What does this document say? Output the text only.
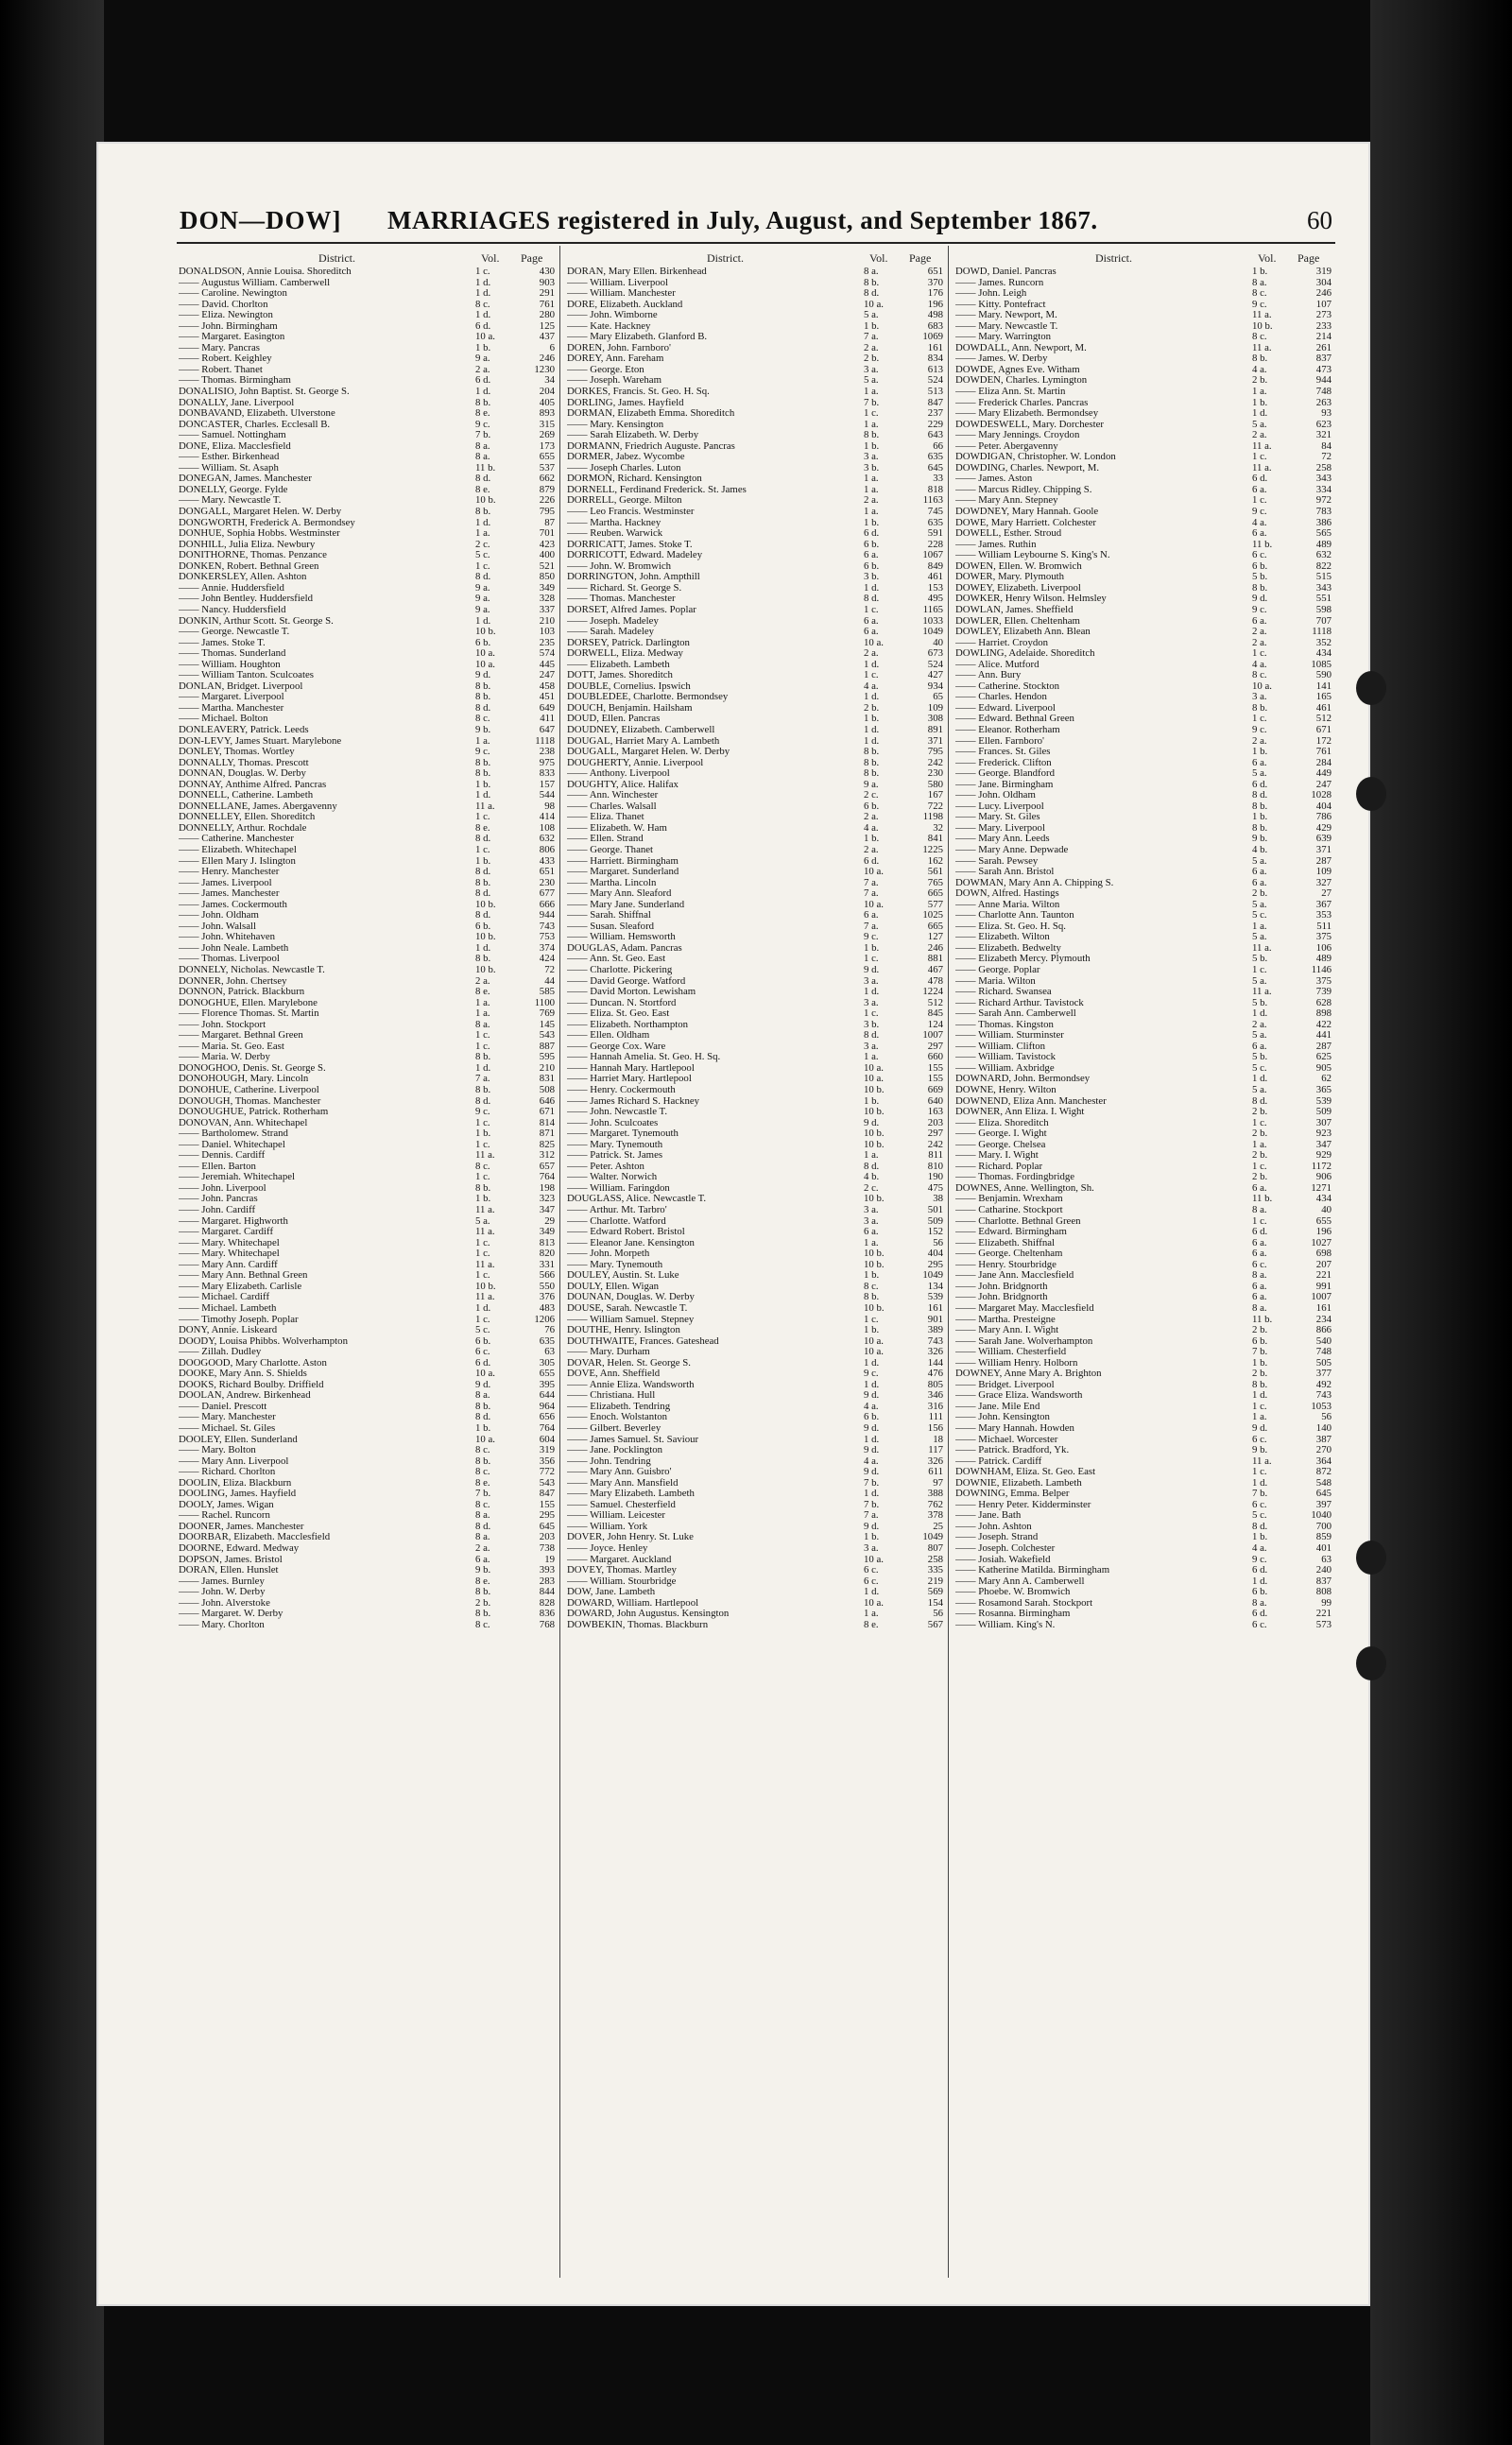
DON—DOW] MARRIAGES registered in July, August, and September 1867.	60
District.	Vol. Page
DONALDSON, Annie Louisa. Shoreditch	1 c.	430
—— Augustus William. Camberwell	1 d.	903
—— Caroline. Newington	1 d.	291
—— David. Chorlton	8 c.	761
—— Eliza. Newington	1 d.	280
—— John. Birmingham	6 d.	125
—— Margaret. Easington	10 a.	437
—— Mary. Pancras	1 b.	6
—— Robert. Keighley	9 a.	246
—— Robert. Thanet	2 a.	1230
—— Thomas. Birmingham	6 d.	34
DONALISIO, John Baptist. St. George S.	1 d.	204
DONALLY, Jane. Liverpool	8 b.	405
DONBAVAND, Elizabeth. Ulverstone	8 e.	893
DONCASTER, Charles. Ecclesall B.	9 c.	315
—— Samuel. Nottingham	7 b.	269
DONE, Eliza. Macclesfield	8 a.	173
—— Esther. Birkenhead	8 a.	655
—— William. St. Asaph	11 b.	537
DONEGAN, James. Manchester	8 d.	662
DONELLY, George. Fylde	8 e.	879
—— Mary. Newcastle T.	10 b.	226
DONGALL, Margaret Helen. W. Derby	8 b.	795
DONGWORTH, Frederick A. Bermondsey	1 d.	87
DONHUE, Sophia Hobbs. Westminster	1 a.	701
DONHILL, Julia Eliza. Newbury	2 c.	423
DONITHORNE, Thomas. Penzance	5 c.	400
DONKEN, Robert. Bethnal Green	1 c.	521
DONKERSLEY, Allen. Ashton	8 d.	850
—— Annie. Huddersfield	9 a.	349
—— John Bentley. Huddersfield	9 a.	328
—— Nancy. Huddersfield	9 a.	337
DONKIN, Arthur Scott. St. George S.	1 d.	210
—— George. Newcastle T.	10 b.	103
—— James. Stoke T.	6 b.	235
—— Thomas. Sunderland	10 a.	574
—— William. Houghton	10 a.	445
—— William Tanton. Sculcoates	9 d.	247
DONLAN, Bridget. Liverpool	8 b.	458
—— Margaret. Liverpool	8 b.	451
—— Martha. Manchester	8 d.	649
—— Michael. Bolton	8 c.	411
DONLEAVERY, Patrick. Leeds	9 b.	647
DON-LEVY, James Stuart. Marylebone	1 a.	1118
DONLEY, Thomas. Wortley	9 c.	238
DONNALLY, Thomas. Prescott	8 b.	975
DONNAN, Douglas. W. Derby	8 b.	833
DONNAY, Anthime Alfred. Pancras	1 b.	157
DONNELL, Catherine. Lambeth	1 d.	544
DONNELLANE, James. Abergavenny	11 a.	98
DONNELLEY, Ellen. Shoreditch	1 c.	414
DONNELLY, Arthur. Rochdale	8 e.	108
—— Catherine. Manchester	8 d.	632
—— Elizabeth. Whitechapel	1 c.	806
—— Ellen Mary J. Islington	1 b.	433
—— Henry. Manchester	8 d.	651
—— James. Liverpool	8 b.	230
—— James. Manchester	8 d.	677
—— James. Cockermouth	10 b.	666
—— John. Oldham	8 d.	944
—— John. Walsall	6 b.	743
—— John. Whitehaven	10 b.	753
—— John Neale. Lambeth	1 d.	374
—— Thomas. Liverpool	8 b.	424
DONNELY, Nicholas. Newcastle T.	10 b.	72
DONNER, John. Chertsey	2 a.	44
DONNON, Patrick. Blackburn	8 e.	585
DONOGHUE, Ellen. Marylebone	1 a.	1100
—— Florence Thomas. St. Martin	1 a.	769
—— John. Stockport	8 a.	145
—— Margaret. Bethnal Green	1 c.	543
—— Maria. St. Geo. East	1 c.	887
—— Maria. W. Derby	8 b.	595
DONOGHOO, Denis. St. George S.	1 d.	210
DONOHOUGH, Mary. Lincoln	7 a.	831
DONOHUE, Catherine. Liverpool	8 b.	508
DONOUGH, Thomas. Manchester	8 d.	646
DONOUGHUE, Patrick. Rotherham	9 c.	671
DONOVAN, Ann. Whitechapel	1 c.	814
—— Bartholomew. Strand	1 b.	871
—— Daniel. Whitechapel	1 c.	825
—— Dennis. Cardiff	11 a.	312
—— Ellen. Barton	8 c.	657
—— Jeremiah. Whitechapel	1 c.	764
—— John. Liverpool	8 b.	198
—— John. Pancras	1 b.	323
—— John. Cardiff	11 a.	347
—— Margaret. Highworth	5 a.	29
—— Margaret. Cardiff	11 a.	349
—— Mary. Whitechapel	1 c.	813
—— Mary. Whitechapel	1 c.	820
—— Mary Ann. Cardiff	11 a.	331
—— Mary Ann. Bethnal Green	1 c.	566
—— Mary Elizabeth. Carlisle	10 b.	550
—— Michael. Cardiff	11 a.	376
—— Michael. Lambeth	1 d.	483
—— Timothy Joseph. Poplar	1 c.	1206
DONY, Annie. Liskeard	5 c.	76
DOODY, Louisa Phibbs. Wolverhampton	6 b.	635
—— Zillah. Dudley	6 c.	63
DOOGOOD, Mary Charlotte. Aston	6 d.	305
DOOKE, Mary Ann. S. Shields	10 a.	655
DOOKS, Richard Boulby. Driffield	9 d.	395
DOOLAN, Andrew. Birkenhead	8 a.	644
—— Daniel. Prescott	8 b.	964
—— Mary. Manchester	8 d.	656
—— Michael. St. Giles	1 b.	764
DOOLEY, Ellen. Sunderland	10 a.	604
—— Mary. Bolton	8 c.	319
—— Mary Ann. Liverpool	8 b.	356
—— Richard. Chorlton	8 c.	772
DOOLIN, Eliza. Blackburn	8 e.	543
DOOLING, James. Hayfield	7 b.	847
DOOLY, James. Wigan	8 c.	155
—— Rachel. Runcorn	8 a.	295
DOONER, James. Manchester	8 d.	645
DOORBAR, Elizabeth. Macclesfield	8 a.	203
DOORNE, Edward. Medway	2 a.	738
DOPSON, James. Bristol	6 a.	19
DORAN, Ellen. Hunslet	9 b.	393
—— James. Burnley	8 e.	283
—— John. W. Derby	8 b.	844
—— John. Alverstoke	2 b.	828
—— Margaret. W. Derby	8 b.	836
—— Mary. Chorlton	8 c.	768
District.	Vol. Page
DORAN, Mary Ellen. Birkenhead	8 a.	651
—— William. Liverpool	8 b.	370
—— William. Manchester	8 d.	176
DORE, Elizabeth. Auckland	10 a.	196
—— John. Wimborne	5 a.	498
—— Kate. Hackney	1 b.	683
—— Mary Elizabeth. Glanford B.	7 a.	1069
DOREN, John. Farnboro'	2 a.	161
DOREY, Ann. Fareham	2 b.	834
—— George. Eton	3 a.	613
—— Joseph. Wareham	5 a.	524
DORKES, Francis. St. Geo. H. Sq.	1 a.	513
DORLING, James. Hayfield	7 b.	847
DORMAN, Elizabeth Emma. Shoreditch	1 c.	237
—— Mary. Kensington	1 a.	229
—— Sarah Elizabeth. W. Derby	8 b.	643
DORMANN, Friedrich Auguste. Pancras	1 b.	66
DORMER, Jabez. Wycombe	3 a.	635
—— Joseph Charles. Luton	3 b.	645
DORMON, Richard. Kensington	1 a.	33
DORNELL, Ferdinand Frederick. St. James	1 a.	818
DORRELL, George. Milton	2 a.	1163
—— Leo Francis. Westminster	1 a.	745
—— Martha. Hackney	1 b.	635
—— Reuben. Warwick	6 d.	591
DORRICATT, James. Stoke T.	6 b.	228
DORRICOTT, Edward. Madeley	6 a.	1067
—— John. W. Bromwich	6 b.	849
DORRINGTON, John. Ampthill	3 b.	461
—— Richard. St. George S.	1 d.	153
—— Thomas. Manchester	8 d.	495
DORSET, Alfred James. Poplar	1 c.	1165
—— Joseph. Madeley	6 a.	1033
—— Sarah. Madeley	6 a.	1049
DORSEY, Patrick. Darlington	10 a.	40
DORWELL, Eliza. Medway	2 a.	673
—— Elizabeth. Lambeth	1 d.	524
DOTT, James. Shoreditch	1 c.	427
DOUBLE, Cornelius. Ipswich	4 a.	934
DOUBLEDEE, Charlotte. Bermondsey	1 d.	65
DOUCH, Benjamin. Hailsham	2 b.	109
DOUD, Ellen. Pancras	1 b.	308
DOUDNEY, Elizabeth. Camberwell	1 d.	891
DOUGAL, Harriet Mary A. Lambeth	1 d.	371
DOUGALL, Margaret Helen. W. Derby	8 b.	795
DOUGHERTY, Annie. Liverpool	8 b.	242
—— Anthony. Liverpool	8 b.	230
DOUGHTY, Alice. Halifax	9 a.	580
—— Ann. Winchester	2 c.	167
—— Charles. Walsall	6 b.	722
—— Eliza. Thanet	2 a.	1198
—— Elizabeth. W. Ham	4 a.	32
—— Ellen. Strand	1 b.	841
—— George. Thanet	2 a.	1225
—— Harriett. Birmingham	6 d.	162
—— Margaret. Sunderland	10 a.	561
—— Martha. Lincoln	7 a.	765
—— Mary Ann. Sleaford	7 a.	665
—— Mary Jane. Sunderland	10 a.	577
—— Sarah. Shiffnal	6 a.	1025
—— Susan. Sleaford	7 a.	665
—— William. Hemsworth	9 c.	127
DOUGLAS, Adam. Pancras	1 b.	246
—— Ann. St. Geo. East	1 c.	881
—— Charlotte. Pickering	9 d.	467
—— David George. Watford	3 a.	478
—— David Morton. Lewisham	1 d.	1224
—— Duncan. N. Stortford	3 a.	512
—— Eliza. St. Geo. East	1 c.	845
—— Elizabeth. Northampton	3 b.	124
—— Ellen. Oldham	8 d.	1007
—— George Cox. Ware	3 a.	297
—— Hannah Amelia. St. Geo. H. Sq.	1 a.	660
—— Hannah Mary. Hartlepool	10 a.	155
—— Harriet Mary. Hartlepool	10 a.	155
—— Henry. Cockermouth	10 b.	669
—— James Richard S. Hackney	1 b.	640
—— John. Newcastle T.	10 b.	163
—— John. Sculcoates	9 d.	203
—— Margaret. Tynemouth	10 b.	297
—— Mary. Tynemouth	10 b.	242
—— Patrick. St. James	1 a.	811
—— Peter. Ashton	8 d.	810
—— Walter. Norwich	4 b.	190
—— William. Faringdon	2 c.	475
DOUGLASS, Alice. Newcastle T.	10 b.	38
—— Arthur. Mt. Tarbro'	3 a.	501
—— Charlotte. Watford	3 a.	509
—— Edward Robert. Bristol	6 a.	152
—— Eleanor Jane. Kensington	1 a.	56
—— John. Morpeth	10 b.	404
—— Mary. Tynemouth	10 b.	295
DOULEY, Austin. St. Luke	1 b.	1049
DOULY, Ellen. Wigan	8 c.	134
DOUNAN, Douglas. W. Derby	8 b.	539
DOUSE, Sarah. Newcastle T.	10 b.	161
—— William Samuel. Stepney	1 c.	901
DOUTHE, Henry. Islington	1 b.	389
DOUTHWAITE, Frances. Gateshead	10 a.	743
—— Mary. Durham	10 a.	326
DOVAR, Helen. St. George S.	1 d.	144
DOVE, Ann. Sheffield	9 c.	476
—— Annie Eliza. Wandsworth	1 d.	805
—— Christiana. Hull	9 d.	346
—— Elizabeth. Tendring	4 a.	316
—— Enoch. Wolstanton	6 b.	111
—— Gilbert. Beverley	9 d.	156
—— James Samuel. St. Saviour	1 d.	18
—— Jane. Pocklington	9 d.	117
—— John. Tendring	4 a.	326
—— Mary Ann. Guisbro'	9 d.	611
—— Mary Ann. Mansfield	7 b.	97
—— Mary Elizabeth. Lambeth	1 d.	388
—— Samuel. Chesterfield	7 b.	762
—— William. Leicester	7 a.	378
—— William. York	9 d.	25
DOVER, John Henry. St. Luke	1 b.	1049
—— Joyce. Henley	3 a.	807
—— Margaret. Auckland	10 a.	258
DOVEY, Thomas. Martley	6 c.	335
—— William. Stourbridge	6 c.	219
DOW, Jane. Lambeth	1 d.	569
DOWARD, William. Hartlepool	10 a.	154
DOWARD, John Augustus. Kensington	1 a.	56
DOWBEKIN, Thomas. Blackburn	8 e.	567
District.	Vol. Page
DOWD, Daniel. Pancras	1 b.	319
—— James. Runcorn	8 a.	304
—— John. Leigh	8 c.	246
—— Kitty. Pontefract	9 c.	107
—— Mary. Newport, M.	11 a.	273
—— Mary. Newcastle T.	10 b.	233
—— Mary. Warrington	8 c.	214
DOWDALL, Ann. Newport, M.	11 a.	261
—— James. W. Derby	8 b.	837
DOWDE, Agnes Eve. Witham	4 a.	473
DOWDEN, Charles. Lymington	2 b.	944
—— Eliza Ann. St. Martin	1 a.	748
—— Frederick Charles. Pancras	1 b.	263
—— Mary Elizabeth. Bermondsey	1 d.	93
DOWDESWELL, Mary. Dorchester	5 a.	623
—— Mary Jennings. Croydon	2 a.	321
—— Peter. Abergavenny	11 a.	84
DOWDIGAN, Christopher. W. London	1 c.	72
DOWDING, Charles. Newport, M.	11 a.	258
—— James. Aston	6 d.	343
—— Marcus Ridley. Chipping S.	6 a.	334
—— Mary Ann. Stepney	1 c.	972
DOWDNEY, Mary Hannah. Goole	9 c.	783
DOWE, Mary Harriett. Colchester	4 a.	386
DOWELL, Esther. Stroud	6 a.	565
—— James. Ruthin	11 b.	489
—— William Leybourne S. King's N.	6 c.	632
DOWEN, Ellen. W. Bromwich	6 b.	822
DOWER, Mary. Plymouth	5 b.	515
DOWEY, Elizabeth. Liverpool	8 b.	343
DOWKER, Henry Wilson. Helmsley	9 d.	551
DOWLAN, James. Sheffield	9 c.	598
DOWLER, Ellen. Cheltenham	6 a.	707
DOWLEY, Elizabeth Ann. Blean	2 a.	1118
—— Harriet. Croydon	2 a.	352
DOWLING, Adelaide. Shoreditch	1 c.	434
—— Alice. Mutford	4 a.	1085
—— Ann. Bury	8 c.	590
—— Catherine. Stockton	10 a.	141
—— Charles. Hendon	3 a.	165
—— Edward. Liverpool	8 b.	461
—— Edward. Bethnal Green	1 c.	512
—— Eleanor. Rotherham	9 c.	671
—— Ellen. Farnboro'	2 a.	172
—— Frances. St. Giles	1 b.	761
—— Frederick. Clifton	6 a.	284
—— George. Blandford	5 a.	449
—— Jane. Birmingham	6 d.	247
—— John. Oldham	8 d.	1028
—— Lucy. Liverpool	8 b.	404
—— Mary. St. Giles	1 b.	786
—— Mary. Liverpool	8 b.	429
—— Mary Ann. Leeds	9 b.	639
—— Mary Anne. Depwade	4 b.	371
—— Sarah. Pewsey	5 a.	287
—— Sarah Ann. Bristol	6 a.	109
DOWMAN, Mary Ann A. Chipping S.	6 a.	327
DOWN, Alfred. Hastings	2 b.	27
—— Anne Maria. Wilton	5 a.	367
—— Charlotte Ann. Taunton	5 c.	353
—— Eliza. St. Geo. H. Sq.	1 a.	511
—— Elizabeth. Wilton	5 a.	375
—— Elizabeth. Bedwelty	11 a.	106
—— Elizabeth Mercy. Plymouth	5 b.	489
—— George. Poplar	1 c.	1146
—— Maria. Wilton	5 a.	375
—— Richard. Swansea	11 a.	739
—— Richard Arthur. Tavistock	5 b.	628
—— Sarah Ann. Camberwell	1 d.	898
—— Thomas. Kingston	2 a.	422
—— William. Sturminster	5 a.	441
—— William. Clifton	6 a.	287
—— William. Tavistock	5 b.	625
—— William. Axbridge	5 c.	905
DOWNARD, John. Bermondsey	1 d.	62
DOWNE, Henry. Wilton	5 a.	365
DOWNEND, Eliza Ann. Manchester	8 d.	539
DOWNER, Ann Eliza. I. Wight	2 b.	509
—— Eliza. Shoreditch	1 c.	307
—— George. I. Wight	2 b.	923
—— George. Chelsea	1 a.	347
—— Mary. I. Wight	2 b.	929
—— Richard. Poplar	1 c.	1172
—— Thomas. Fordingbridge	2 b.	906
DOWNES, Anne. Wellington, Sh.	6 a.	1271
—— Benjamin. Wrexham	11 b.	434
—— Catharine. Stockport	8 a.	40
—— Charlotte. Bethnal Green	1 c.	655
—— Edward. Birmingham	6 d.	196
—— Elizabeth. Shiffnal	6 a.	1027
—— George. Cheltenham	6 a.	698
—— Henry. Stourbridge	6 c.	207
—— Jane Ann. Macclesfield	8 a.	221
—— John. Bridgnorth	6 a.	991
—— John. Bridgnorth	6 a.	1007
—— Margaret May. Macclesfield	8 a.	161
—— Martha. Presteigne	11 b.	234
—— Mary Ann. I. Wight	2 b.	866
—— Sarah Jane. Wolverhampton	6 b.	540
—— William. Chesterfield	7 b.	748
—— William Henry. Holborn	1 b.	505
DOWNEY, Anne Mary A. Brighton	2 b.	377
—— Bridget. Liverpool	8 b.	492
—— Grace Eliza. Wandsworth	1 d.	743
—— Jane. Mile End	1 c.	1053
—— John. Kensington	1 a.	56
—— Mary Hannah. Howden	9 d.	140
—— Michael. Worcester	6 c.	387
—— Patrick. Bradford, Yk.	9 b.	270
—— Patrick. Cardiff	11 a.	364
DOWNHAM, Eliza. St. Geo. East	1 c.	872
DOWNIE, Elizabeth. Lambeth	1 d.	548
DOWNING, Emma. Belper	7 b.	645
—— Henry Peter. Kidderminster	6 c.	397
—— Jane. Bath	5 c.	1040
—— John. Ashton	8 d.	700
—— Joseph. Strand	1 b.	859
—— Joseph. Colchester	4 a.	401
—— Josiah. Wakefield	9 c.	63
—— Katherine Matilda. Birmingham	6 d.	240
—— Mary Ann A. Camberwell	1 d.	837
—— Phoebe. W. Bromwich	6 b.	808
—— Rosamond Sarah. Stockport	8 a.	99
—— Rosanna. Birmingham	6 d.	221
—— William. King's N.	6 c.	573
